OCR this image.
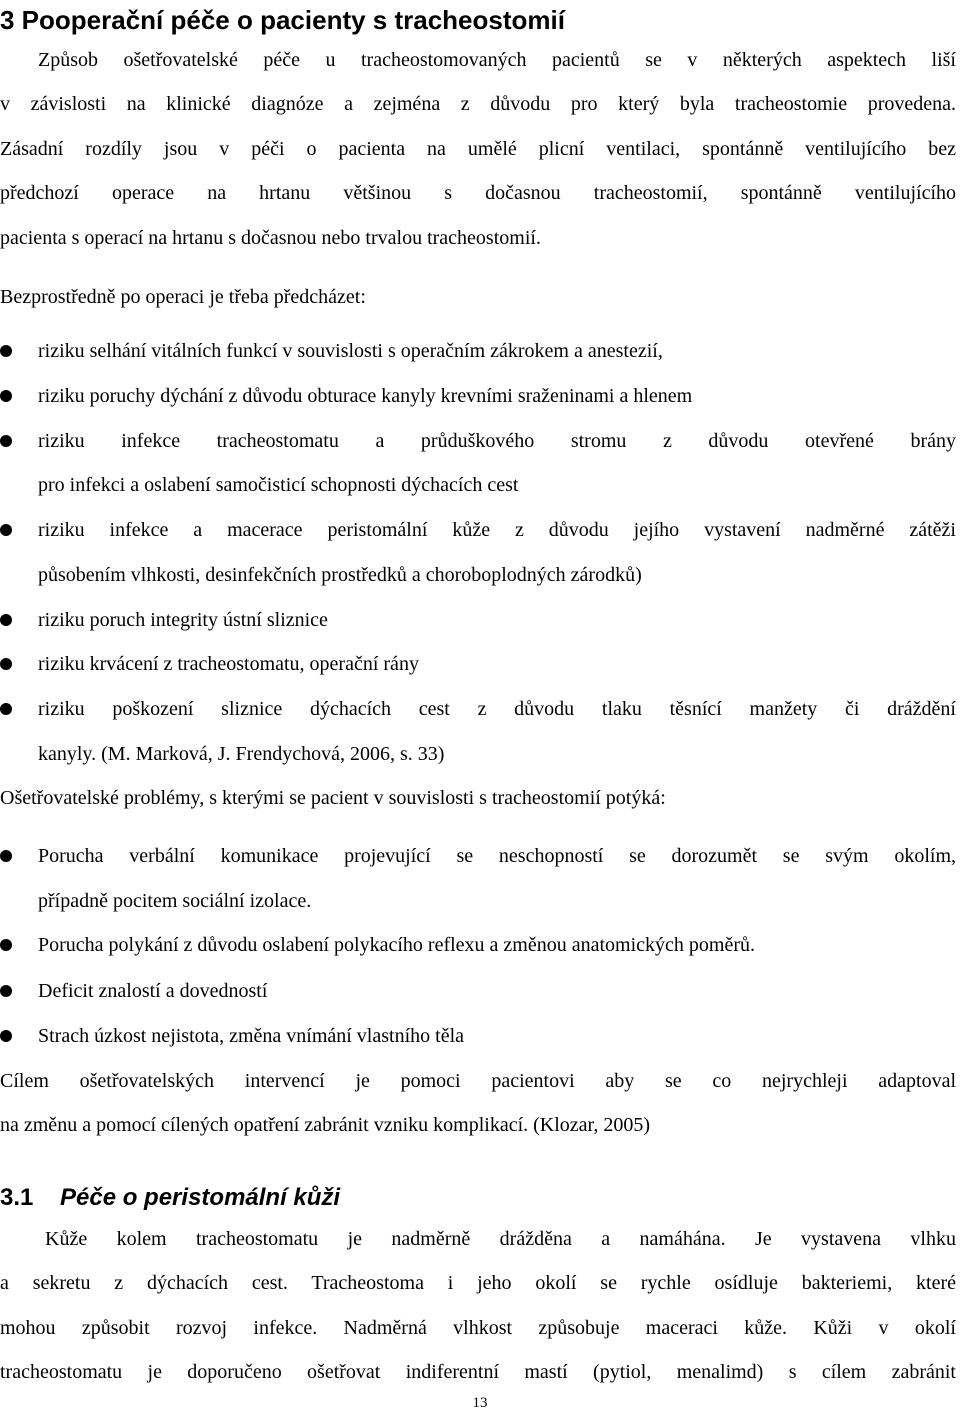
3 Pooperační péče o pacienty s tracheostomií
Způsob ošetřovatelské péče u tracheostomovaných pacientů se v některých aspektech liší
v závislosti na klinické diagnóze a zejména z důvodu pro který byla tracheostomie provedena.
Zásadní rozdíly jsou v péči o pacienta na umělé plicní ventilaci, spontánně ventilujícího bez
předchozí operace na hrtanu většinou s dočasnou tracheostomií, spontánně ventilujícího
pacienta s operací na hrtanu s dočasnou nebo trvalou tracheostomií.
Bezprostředně po operaci je třeba předcházet:
riziku selhání vitálních funkcí v souvislosti s operačním zákrokem a anestezií,
riziku poruchy dýchání z důvodu obturace kanyly krevními sraženinami a hlenem
riziku infekce tracheostomatu a průduškového stromu z důvodu otevřené brány
pro infekci a oslabení samočisticí schopnosti dýchacích cest
riziku infekce a macerace peristomální kůže z důvodu jejího vystavení nadměrné zátěži
působením vlhkosti, desinfekčních prostředků a choroboplodných zárodků)
riziku poruch integrity ústní sliznice
riziku krvácení z tracheostomatu, operační rány
riziku poškození sliznice dýchacích cest z důvodu tlaku těsnící manžety či dráždění
kanyly. (M. Marková, J. Frendychová, 2006, s. 33)
Ošetřovatelské problémy, s kterými se pacient v souvislosti s tracheostomií potýká:
Porucha verbální komunikace projevující se neschopností se dorozumět se svým okolím,
případně pocitem sociální izolace.
Porucha polykání z důvodu oslabení polykacího reflexu a změnou anatomických poměrů.
Deficit znalostí a dovedností
Strach úzkost nejistota, změna vnímání vlastního těla
Cílem ošetřovatelských intervencí je pomoci pacientovi aby se co nejrychleji adaptoval
na změnu a pomocí cílených opatření zabránit vzniku komplikací. (Klozar, 2005)
3.1 Péče o peristomální kůži
Kůže kolem tracheostomatu je nadměrně drážděna a namáhána. Je vystavena vlhku
a sekretu z dýchacích cest. Tracheostoma i jeho okolí se rychle osídluje bakteriemi, které
mohou způsobit rozvoj infekce. Nadměrná vlhkost způsobuje maceraci kůže. Kůži v okolí
tracheostomatu je doporučeno ošetřovat indiferentní mastí (pytiol, menalimd) s cílem zabránit
13
